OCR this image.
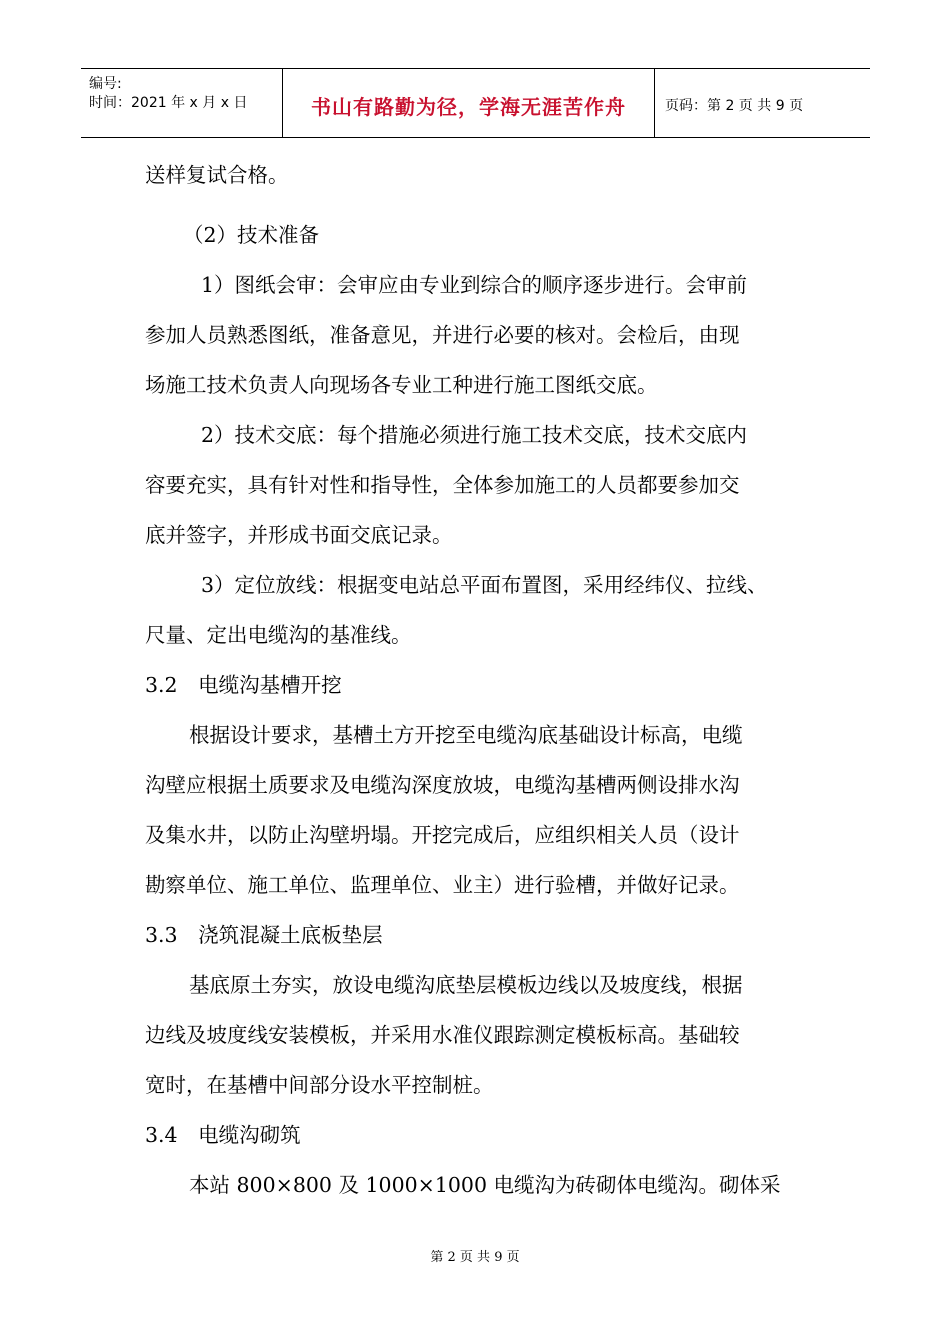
编号:
时间：2021 年 x 月 x 日	书山有路勤为径，学海无涯苦作舟	页码：第 2 页 共 9 页
送样复试合格。
（2）技术准备
1）图纸会审：会审应由专业到综合的顺序逐步进行。会审前
参加人员熟悉图纸，准备意见，并进行必要的核对。会检后，由现
场施工技术负责人向现场各专业工种进行施工图纸交底。
2）技术交底：每个措施必须进行施工技术交底，技术交底内
容要充实，具有针对性和指导性，全体参加施工的人员都要参加交
底并签字，并形成书面交底记录。
3）定位放线：根据变电站总平面布置图，采用经纬仪、拉线、
尺量、定出电缆沟的基准线。
3.2　电缆沟基槽开挖
根据设计要求，基槽土方开挖至电缆沟底基础设计标高，电缆
沟壁应根据土质要求及电缆沟深度放坡，电缆沟基槽两侧设排水沟
及集水井，以防止沟壁坍塌。开挖完成后，应组织相关人员（设计
勘察单位、施工单位、监理单位、业主）进行验槽，并做好记录。
3.3　浇筑混凝土底板垫层
基底原土夯实，放设电缆沟底垫层模板边线以及坡度线，根据
边线及坡度线安装模板，并采用水准仪跟踪测定模板标高。基础较
宽时，在基槽中间部分设水平控制桩。
3.4　电缆沟砌筑
本站 800×800 及 1000×1000 电缆沟为砖砌体电缆沟。砌体采
第 2 页 共 9 页
